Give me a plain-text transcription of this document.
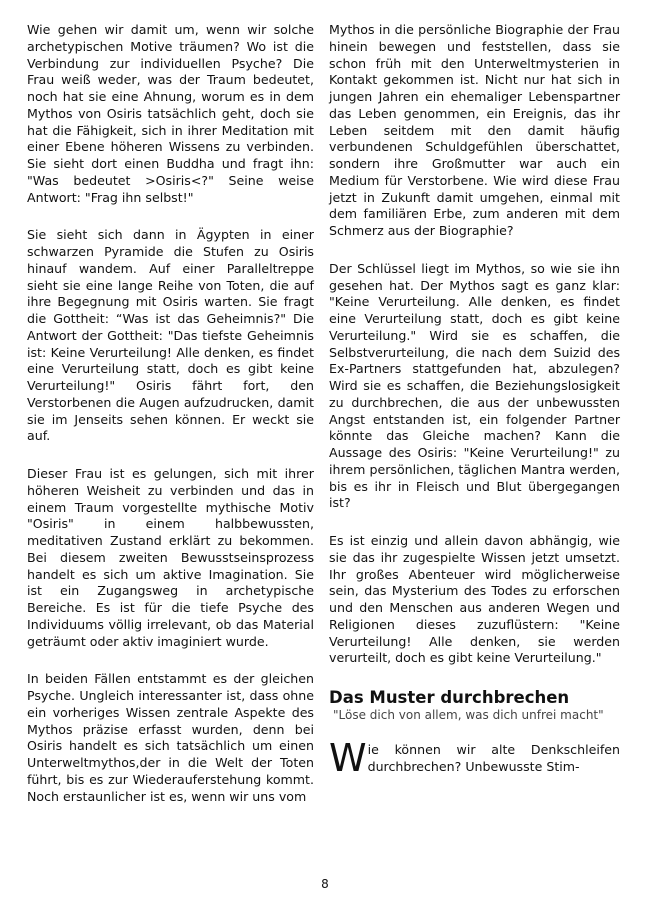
Wie gehen wir damit um, wenn wir solche archetypischen Motive träumen? Wo ist die Verbindung zur individuellen Psyche? Die Frau weiß weder, was der Traum bedeutet, noch hat sie eine Ahnung, worum es in dem Mythos von Osiris tatsächlich geht, doch sie hat die Fähigkeit, sich in ihrer Meditation mit einer Ebene höheren Wissens zu verbinden. Sie sieht dort einen Buddha und fragt ihn: "Was bedeutet >Osiris<?" Seine weise Antwort: "Frag ihn selbst!"

Sie sieht sich dann in Ägypten in einer schwarzen Pyramide die Stufen zu Osiris hinauf wandem. Auf einer Paralleltreppe sieht sie eine lange Reihe von Toten, die auf ihre Begegnung mit Osiris warten. Sie fragt die Gottheit: “Was ist das Geheimnis?" Die Antwort der Gottheit: "Das tiefste Geheimnis ist: Keine Verurteilung! Alle denken, es findet eine Verurteilung statt, doch es gibt keine Verurteilung!" Osiris fährt fort, den Verstorbenen die Augen aufzudrucken, damit sie im Jenseits sehen können. Er weckt sie auf.

Dieser Frau ist es gelungen, sich mit ihrer höheren Weisheit zu verbinden und das in einem Traum vorgestellte mythische Motiv "Osiris" in einem halbbewussten, meditativen Zustand erklärt zu bekommen. Bei diesem zweiten Bewusstseinsprozess handelt es sich um aktive Imagination. Sie ist ein Zugangsweg in archetypische Bereiche. Es ist für die tiefe Psyche des Individuums völlig irrelevant, ob das Material geträumt oder aktiv imaginiert wurde.

In beiden Fällen entstammt es der gleichen Psyche. Ungleich interessanter ist, dass ohne ein vorheriges Wissen zentrale Aspekte des Mythos präzise erfasst wurden, denn bei Osiris handelt es sich tatsächlich um einen Unterweltmythos,der in die Welt der Toten führt, bis es zur Wiederauferstehung kommt. Noch erstaunlicher ist es, wenn wir uns vom

Mythos in die persönliche Biographie der Frau hinein bewegen und feststellen, dass sie schon früh mit den Unterweltmysterien in Kontakt gekommen ist. Nicht nur hat sich in jungen Jahren ein ehemaliger Lebenspartner das Leben genommen, ein Ereignis, das ihr Leben seitdem mit den damit häufig verbundenen Schuldgefühlen überschattet, sondern ihre Großmutter war auch ein Medium für Verstorbene. Wie wird diese Frau jetzt in Zukunft damit umgehen, einmal mit dem familiären Erbe, zum anderen mit dem Schmerz aus der Biographie?

Der Schlüssel liegt im Mythos, so wie sie ihn gesehen hat. Der Mythos sagt es ganz klar: "Keine Verurteilung. Alle denken, es findet eine Verurteilung statt, doch es gibt keine Verurteilung." Wird sie es schaffen, die Selbstverurteilung, die nach dem Suizid des Ex-Partners stattgefunden hat, abzulegen? Wird sie es schaffen, die Beziehungslosigkeit zu durchbrechen, die aus der unbewussten Angst entstanden ist, ein folgender Partner könnte das Gleiche machen? Kann die Aussage des Osiris: "Keine Verurteilung!" zu ihrem persönlichen, täglichen Mantra werden, bis es ihr in Fleisch und Blut übergegangen ist?

Es ist einzig und allein davon abhängig, wie sie das ihr zugespielte Wissen jetzt umsetzt. Ihr großes Abenteuer wird möglicherweise sein, das Mysterium des Todes zu erforschen und den Menschen aus anderen Wegen und Religionen dieses zuzuflüstern: "Keine Verurteilung! Alle denken, sie werden verurteilt, doch es gibt keine Verurteilung."

Das Muster durchbrechen
"Löse dich von allem, was dich unfrei macht"

Wie können wir alte Denkschleifen durchbrechen? Unbewusste Stim-

8
